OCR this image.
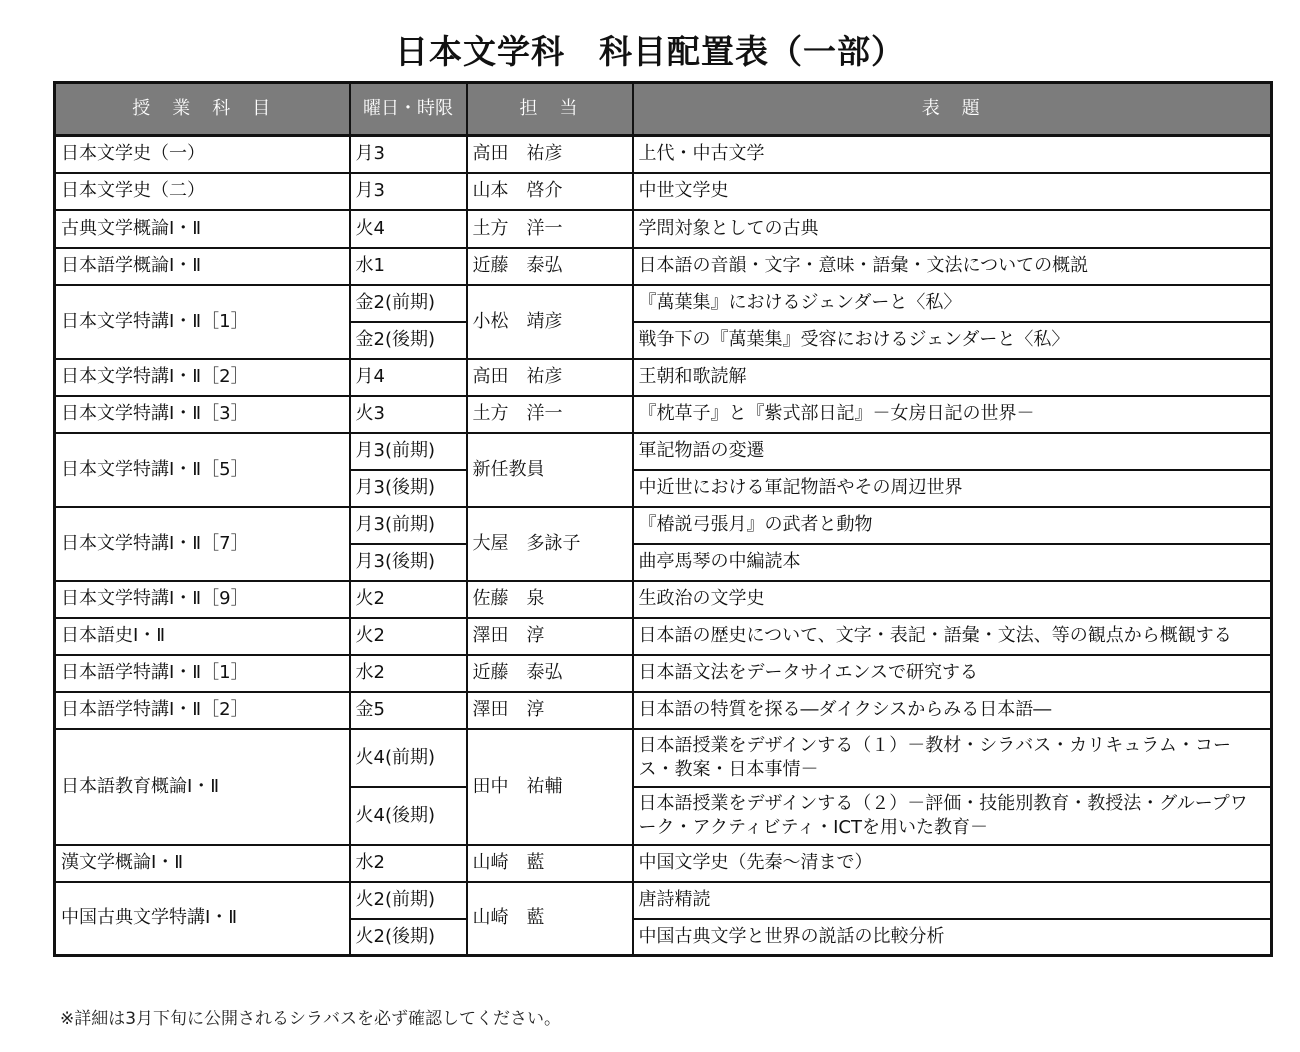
日本文学科　科目配置表（一部）
授　業　科　目	曜日・時限	担　当	表　題
日本文学史（一）	月3	高田　祐彦	上代・中古文学
日本文学史（二）	月3	山本　啓介	中世文学史
古典文学概論Ⅰ・Ⅱ	火4	土方　洋一	学問対象としての古典
日本語学概論Ⅰ・Ⅱ	水1	近藤　泰弘	日本語の音韻・文字・意味・語彙・文法についての概説
日本文学特講Ⅰ・Ⅱ［1］	金2(前期)	小松　靖彦	『萬葉集』におけるジェンダーと〈私〉
	金2(後期)		戦争下の『萬葉集』受容におけるジェンダーと〈私〉
日本文学特講Ⅰ・Ⅱ［2］	月4	高田　祐彦	王朝和歌読解
日本文学特講Ⅰ・Ⅱ［3］	火3	土方　洋一	『枕草子』と『紫式部日記』－女房日記の世界－
日本文学特講Ⅰ・Ⅱ［5］	月3(前期)	新任教員	軍記物語の変遷
	月3(後期)		中近世における軍記物語やその周辺世界
日本文学特講Ⅰ・Ⅱ［7］	月3(前期)	大屋　多詠子	『椿説弓張月』の武者と動物
	月3(後期)		曲亭馬琴の中編読本
日本文学特講Ⅰ・Ⅱ［9］	火2	佐藤　泉	生政治の文学史
日本語史Ⅰ・Ⅱ	火2	澤田　淳	日本語の歴史について、文字・表記・語彙・文法、等の観点から概観する
日本語学特講Ⅰ・Ⅱ［1］	水2	近藤　泰弘	日本語文法をデータサイエンスで研究する
日本語学特講Ⅰ・Ⅱ［2］	金5	澤田　淳	日本語の特質を探る―ダイクシスからみる日本語―
日本語教育概論Ⅰ・Ⅱ	火4(前期)	田中　祐輔	日本語授業をデザインする（１）－教材・シラバス・カリキュラム・コース・教案・日本事情－
	火4(後期)		日本語授業をデザインする（２）－評価・技能別教育・教授法・グループワーク・アクティビティ・ICTを用いた教育－
漢文学概論Ⅰ・Ⅱ	水2	山崎　藍	中国文学史（先秦～清まで）
中国古典文学特講Ⅰ・Ⅱ	火2(前期)	山崎　藍	唐詩精読
	火2(後期)		中国古典文学と世界の説話の比較分析
※詳細は3月下旬に公開されるシラバスを必ず確認してください。
